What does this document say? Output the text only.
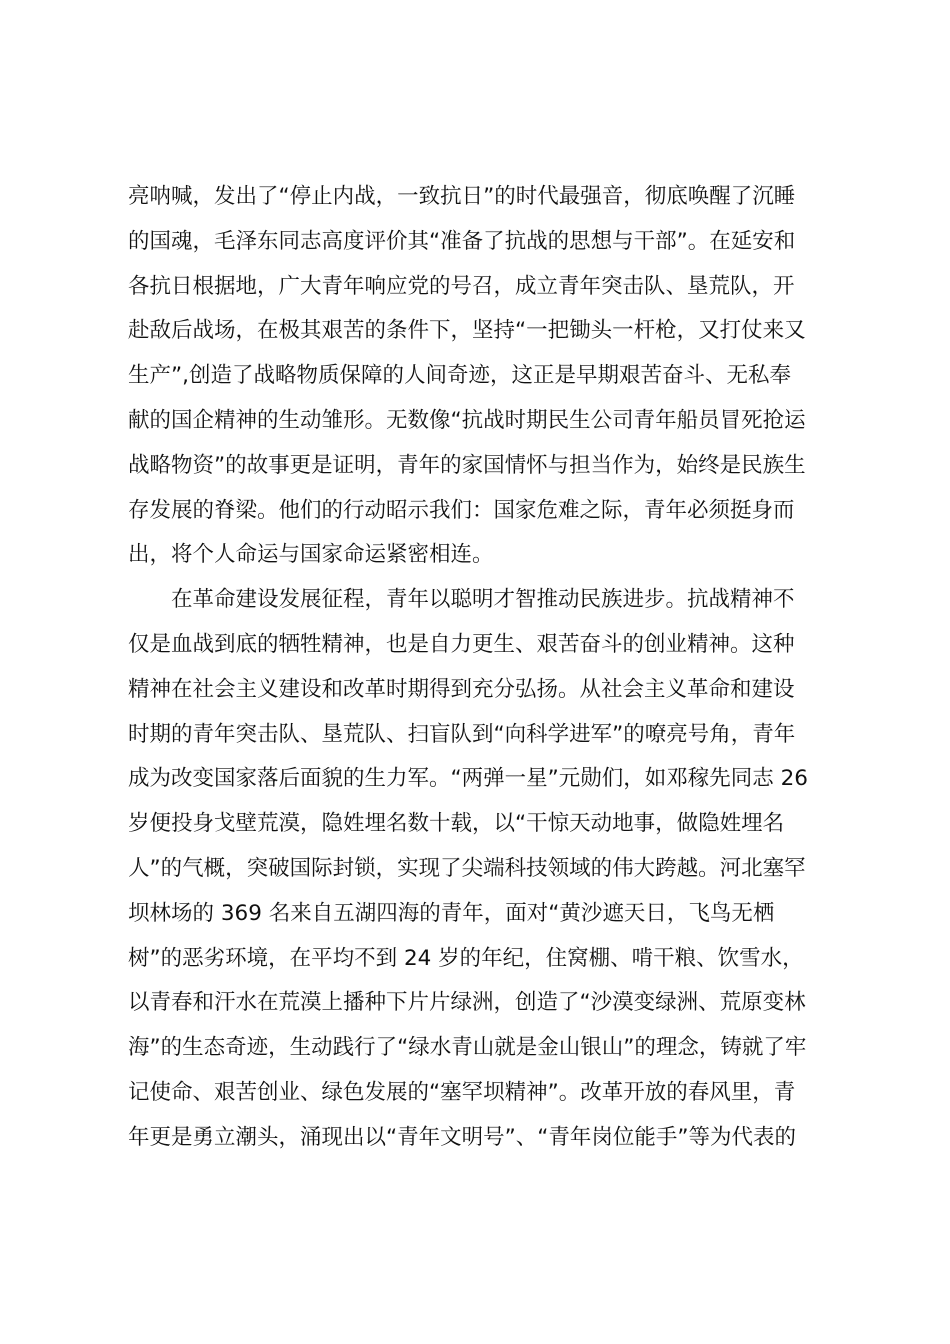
亮呐喊，发出了“停止内战，一致抗日”的时代最强音，彻底唤醒了沉睡
的国魂，毛泽东同志高度评价其“准备了抗战的思想与干部”。在延安和
各抗日根据地，广大青年响应党的号召，成立青年突击队、垦荒队，开
赴敌后战场，在极其艰苦的条件下，坚持“一把锄头一杆枪，又打仗来又
生产”,创造了战略物质保障的人间奇迹，这正是早期艰苦奋斗、无私奉
献的国企精神的生动雏形。无数像“抗战时期民生公司青年船员冒死抢运
战略物资”的故事更是证明，青年的家国情怀与担当作为，始终是民族生
存发展的脊梁。他们的行动昭示我们：国家危难之际，青年必须挺身而
出，将个人命运与国家命运紧密相连。
在革命建设发展征程，青年以聪明才智推动民族进步。抗战精神不
仅是血战到底的牺牲精神，也是自力更生、艰苦奋斗的创业精神。这种
精神在社会主义建设和改革时期得到充分弘扬。从社会主义革命和建设
时期的青年突击队、垦荒队、扫盲队到“向科学进军”的嘹亮号角，青年
成为改变国家落后面貌的生力军。“两弹一星”元勋们，如邓稼先同志 26
岁便投身戈壁荒漠，隐姓埋名数十载，以“干惊天动地事，做隐姓埋名
人”的气概，突破国际封锁，实现了尖端科技领域的伟大跨越。河北塞罕
坝林场的 369 名来自五湖四海的青年，面对“黄沙遮天日，飞鸟无栖
树”的恶劣环境，在平均不到 24 岁的年纪，住窝棚、啃干粮、饮雪水，
以青春和汗水在荒漠上播种下片片绿洲，创造了“沙漠变绿洲、荒原变林
海”的生态奇迹，生动践行了“绿水青山就是金山银山”的理念，铸就了牢
记使命、艰苦创业、绿色发展的“塞罕坝精神”。改革开放的春风里，青
年更是勇立潮头，涌现出以“青年文明号”、“青年岗位能手”等为代表的
